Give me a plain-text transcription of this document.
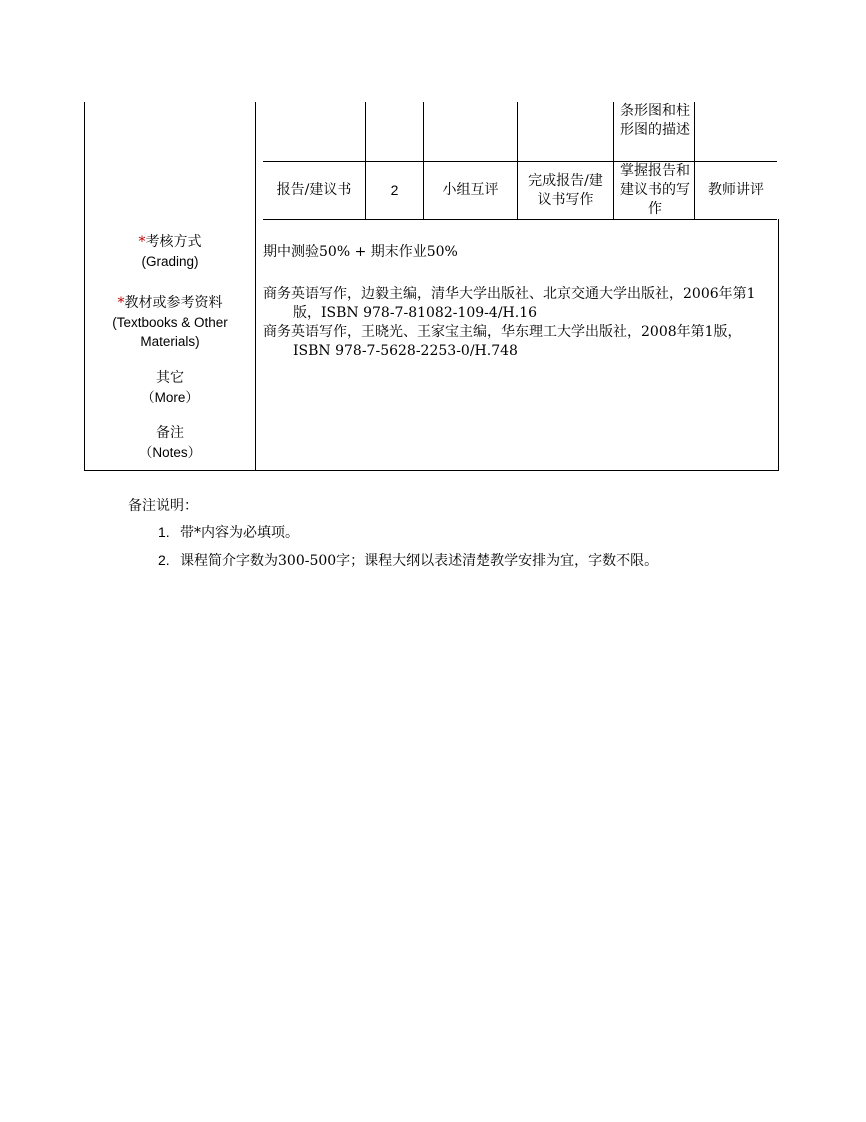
条形图和柱形图的描述
报告/建议书	2	小组互评
完成报告/建议书写作
掌握报告和建议书的写作
教师讲评
*考核方式
(Grading)
期中测验50% + 期末作业50%
*教材或参考资料
(Textbooks & Other Materials)

商务英语写作，边毅主编，清华大学出版社、北京交通大学出版社，2006年第1版，ISBN 978-7-81082-109-4/H.16

商务英语写作，王晓光、王家宝主编，华东理工大学出版社，2008年第1版，ISBN 978-7-5628-2253-0/H.748

其它
（More）
备注
（Notes）
备注说明：
1. 带*内容为必填项。
2. 课程简介字数为300-500字；课程大纲以表述清楚教学安排为宜，字数不限。
